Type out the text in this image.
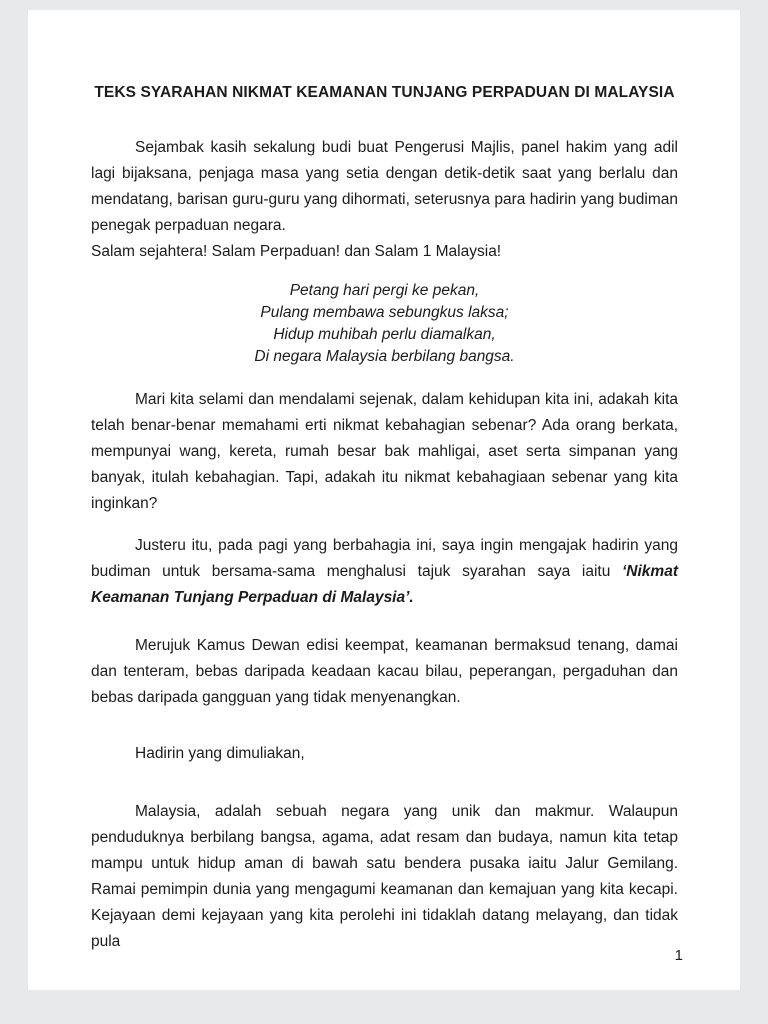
TEKS SYARAHAN NIKMAT KEAMANAN TUNJANG PERPADUAN DI MALAYSIA

Sejambak kasih sekalung budi buat Pengerusi Majlis, panel hakim yang adil lagi bijaksana, penjaga masa yang setia dengan detik-detik saat yang berlalu dan mendatang, barisan guru-guru yang dihormati, seterusnya para hadirin yang budiman penegak perpaduan negara.

Salam sejahtera! Salam Perpaduan! dan Salam 1 Malaysia!

Petang hari pergi ke pekan,
Pulang membawa sebungkus laksa;
Hidup muhibah perlu diamalkan,
Di negara Malaysia berbilang bangsa.

Mari kita selami dan mendalami sejenak, dalam kehidupan kita ini, adakah kita telah benar-benar memahami erti nikmat kebahagian sebenar? Ada orang berkata, mempunyai wang, kereta, rumah besar bak mahligai, aset serta simpanan yang banyak, itulah kebahagian. Tapi, adakah itu nikmat kebahagiaan sebenar yang kita inginkan?

Justeru itu, pada pagi yang berbahagia ini, saya ingin mengajak hadirin yang budiman untuk bersama-sama menghalusi tajuk syarahan saya iaitu ‘Nikmat Keamanan Tunjang Perpaduan di Malaysia’.

Merujuk Kamus Dewan edisi keempat, keamanan bermaksud tenang, damai dan tenteram, bebas daripada keadaan kacau bilau, peperangan, pergaduhan dan bebas daripada gangguan yang tidak menyenangkan.

Hadirin yang dimuliakan,

Malaysia, adalah sebuah negara yang unik dan makmur. Walaupun penduduknya berbilang bangsa, agama, adat resam dan budaya, namun kita tetap mampu untuk hidup aman di bawah satu bendera pusaka iaitu Jalur Gemilang. Ramai pemimpin dunia yang mengagumi keamanan dan kemajuan yang kita kecapi. Kejayaan demi kejayaan yang kita perolehi ini tidaklah datang melayang, dan tidak pula

1
